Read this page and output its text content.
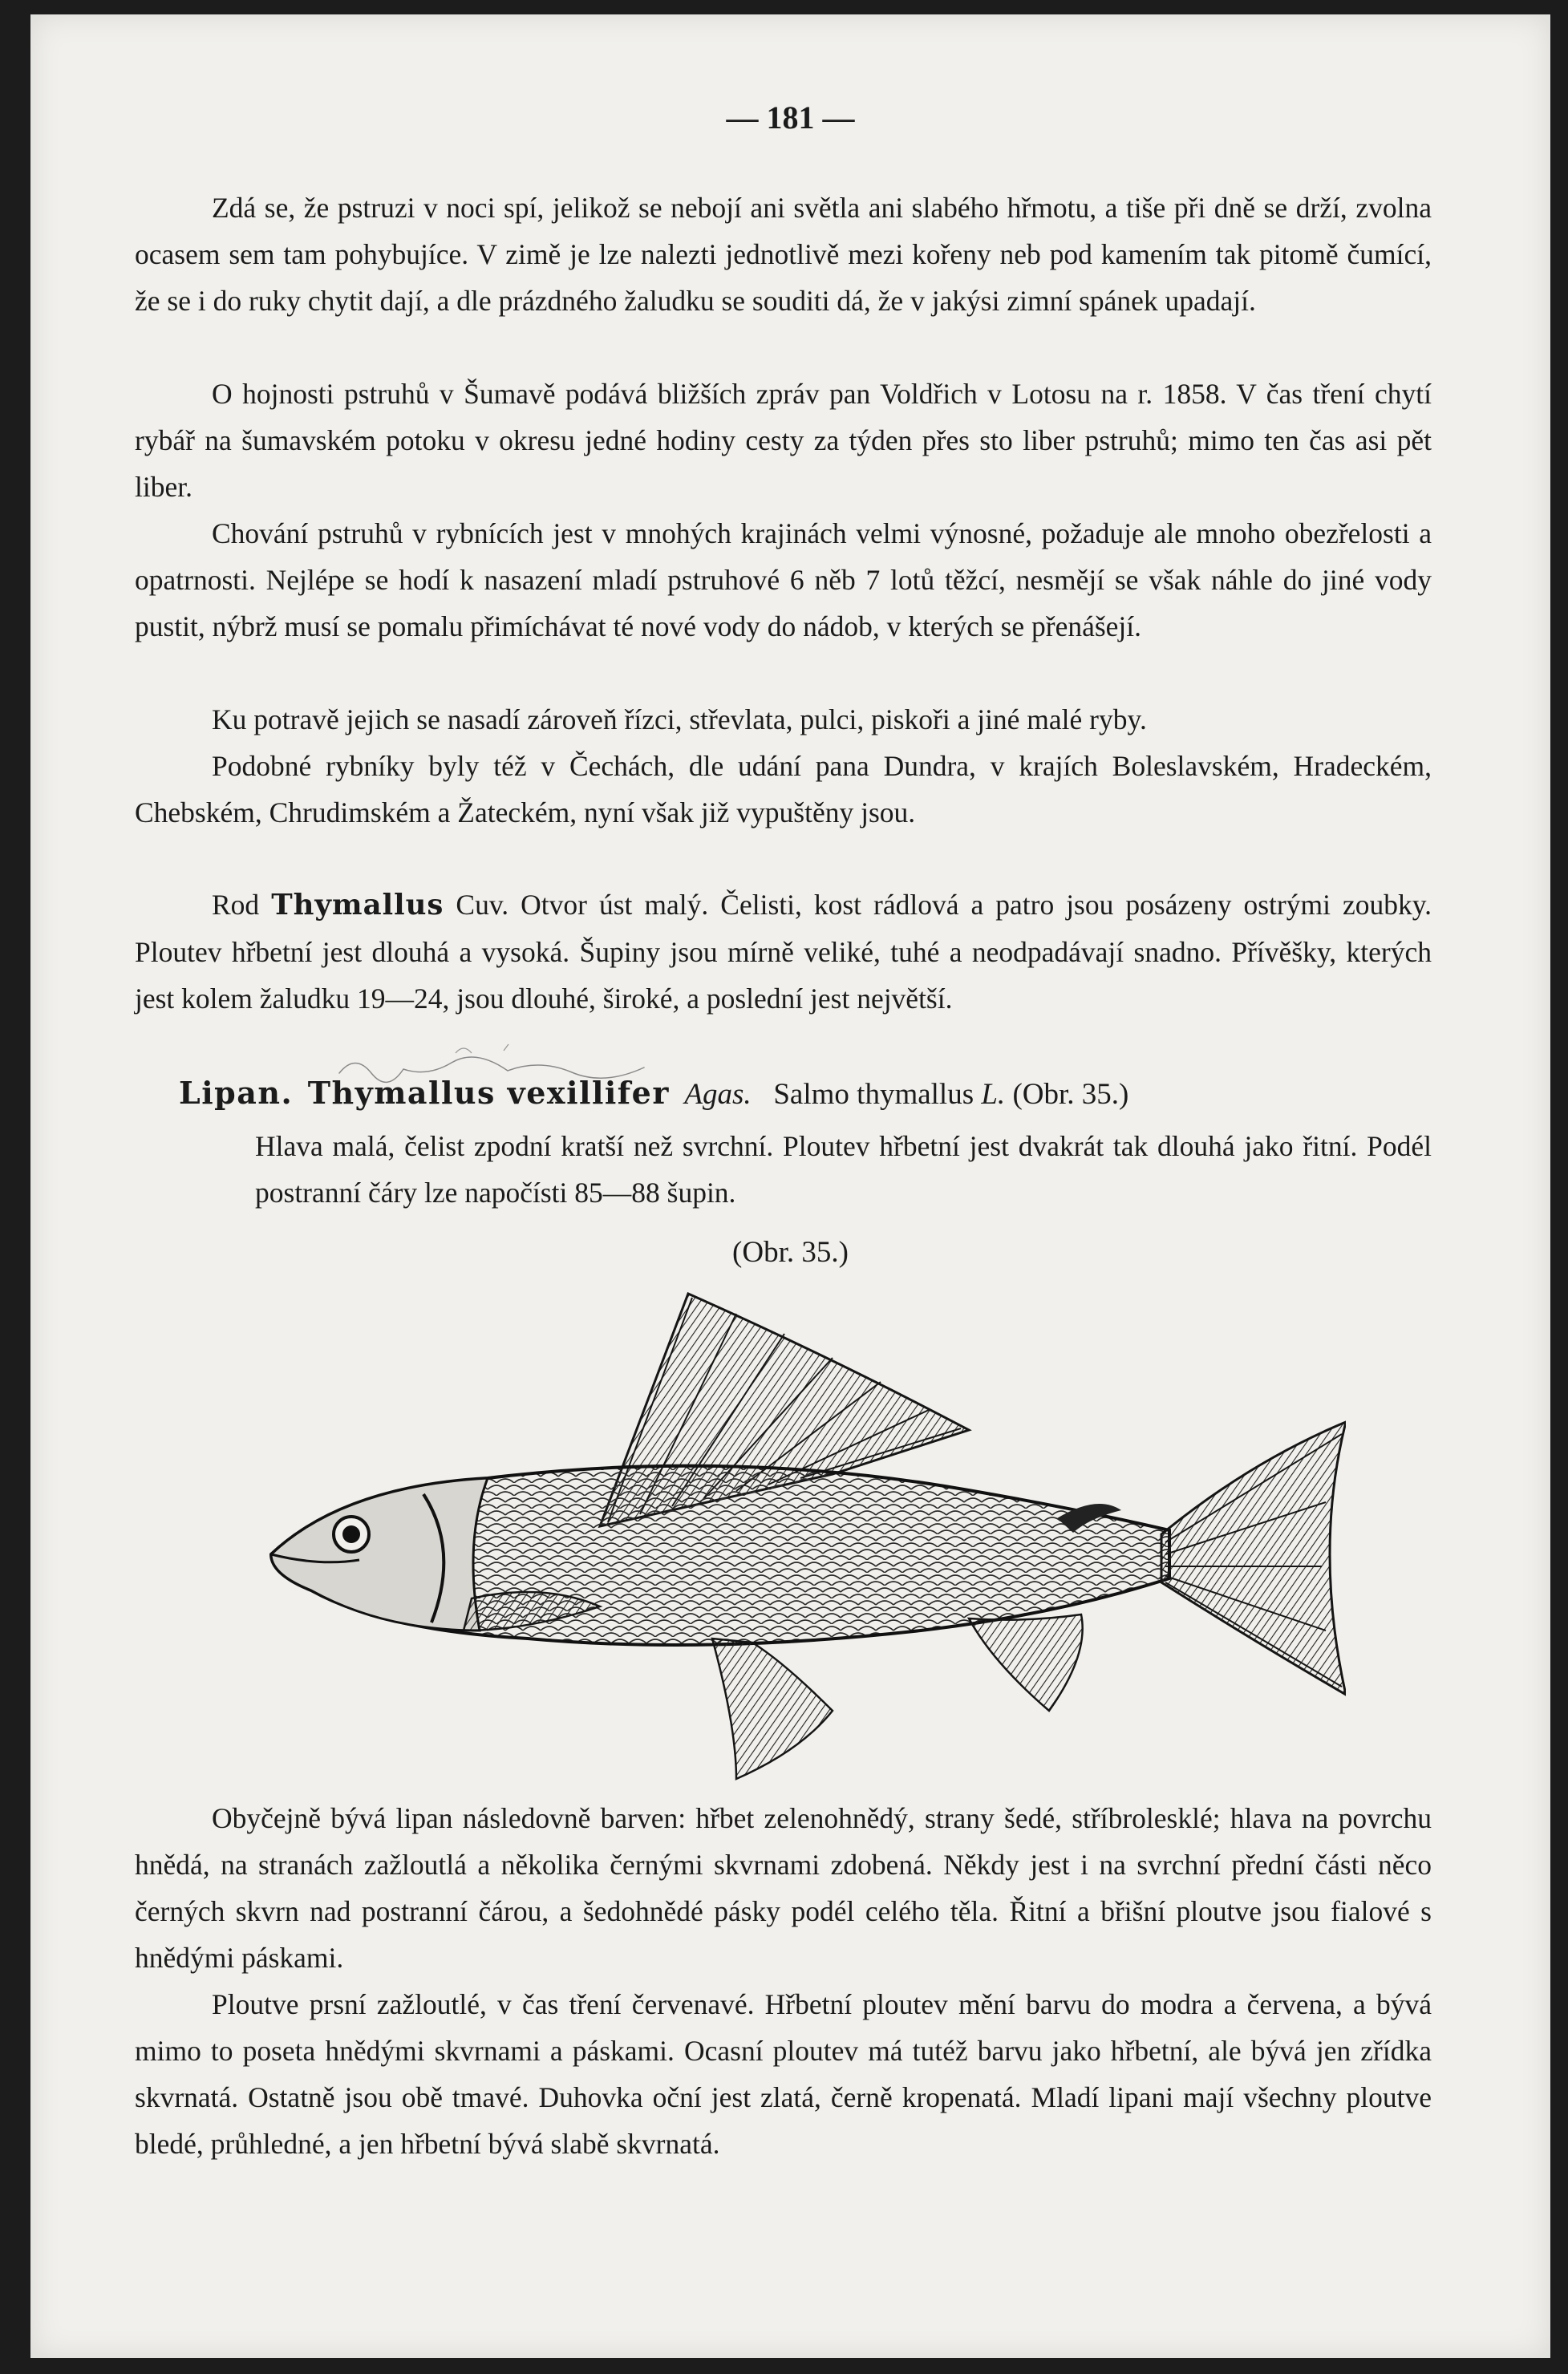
— 181 —

Zdá se, že pstruzi v noci spí, jelikož se nebojí ani světla ani slabého hřmotu, a tiše při dně se drží, zvolna ocasem sem tam pohybujíce. V zimě je lze nalezti jednotlivě mezi kořeny neb pod kamením tak pitomě čumící, že se i do ruky chytit dají, a dle prázdného žaludku se souditi dá, že v jakýsi zimní spánek upadají.

O hojnosti pstruhů v Šumavě podává bližších zpráv pan Voldřich v Lotosu na r. 1858. V čas tření chytí rybář na šumavském potoku v okresu jedné hodiny cesty za týden přes sto liber pstruhů; mimo ten čas asi pět liber.

Chování pstruhů v rybnících jest v mnohých krajinách velmi výnosné, požaduje ale mnoho obezřelosti a opatrnosti. Nejlépe se hodí k nasazení mladí pstruhové 6 něb 7 lotů těžcí, nesmějí se však náhle do jiné vody pustit, nýbrž musí se pomalu přimíchávat té nové vody do nádob, v kterých se přenášejí.

Ku potravě jejich se nasadí zároveň řízci, střevlata, pulci, piskoři a jiné malé ryby.

Podobné rybníky byly též v Čechách, dle udání pana Dundra, v krajích Boleslavském, Hradeckém, Chebském, Chrudimském a Žateckém, nyní však již vypuštěny jsou.

Rod Thymallus Cuv. Otvor úst malý. Čelisti, kost rádlová a patro jsou posázeny ostrými zoubky. Ploutev hřbetní jest dlouhá a vysoká. Šupiny jsou mírně veliké, tuhé a neodpadávají snadno. Přívěšky, kterých jest kolem žaludku 19—24, jsou dlouhé, široké, a poslední jest největší.

Lipan. Thymallus vexillifer Agas. Salmo thymallus L. (Obr. 35.)

Hlava malá, čelist zpodní kratší než svrchní. Ploutev hřbetní jest dvakrát tak dlouhá jako řitní. Podél postranní čáry lze napočísti 85—88 šupin.

(Obr. 35.)

Obyčejně bývá lipan následovně barven: hřbet zelenohnědý, strany šedé, stříbrolesklé; hlava na povrchu hnědá, na stranách zažloutlá a několika černými skvrnami zdobená. Někdy jest i na svrchní přední části něco černých skvrn nad postranní čárou, a šedohnědé pásky podél celého těla. Řitní a břišní ploutve jsou fialové s hnědými páskami.

Ploutve prsní zažloutlé, v čas tření červenavé. Hřbetní ploutev mění barvu do modra a červena, a bývá mimo to poseta hnědými skvrnami a páskami. Ocasní ploutev má tutéž barvu jako hřbetní, ale bývá jen zřídka skvrnatá. Ostatně jsou obě tmavé. Duhovka oční jest zlatá, černě kropenatá. Mladí lipani mají všechny ploutve bledé, průhledné, a jen hřbetní bývá slabě skvrnatá.
